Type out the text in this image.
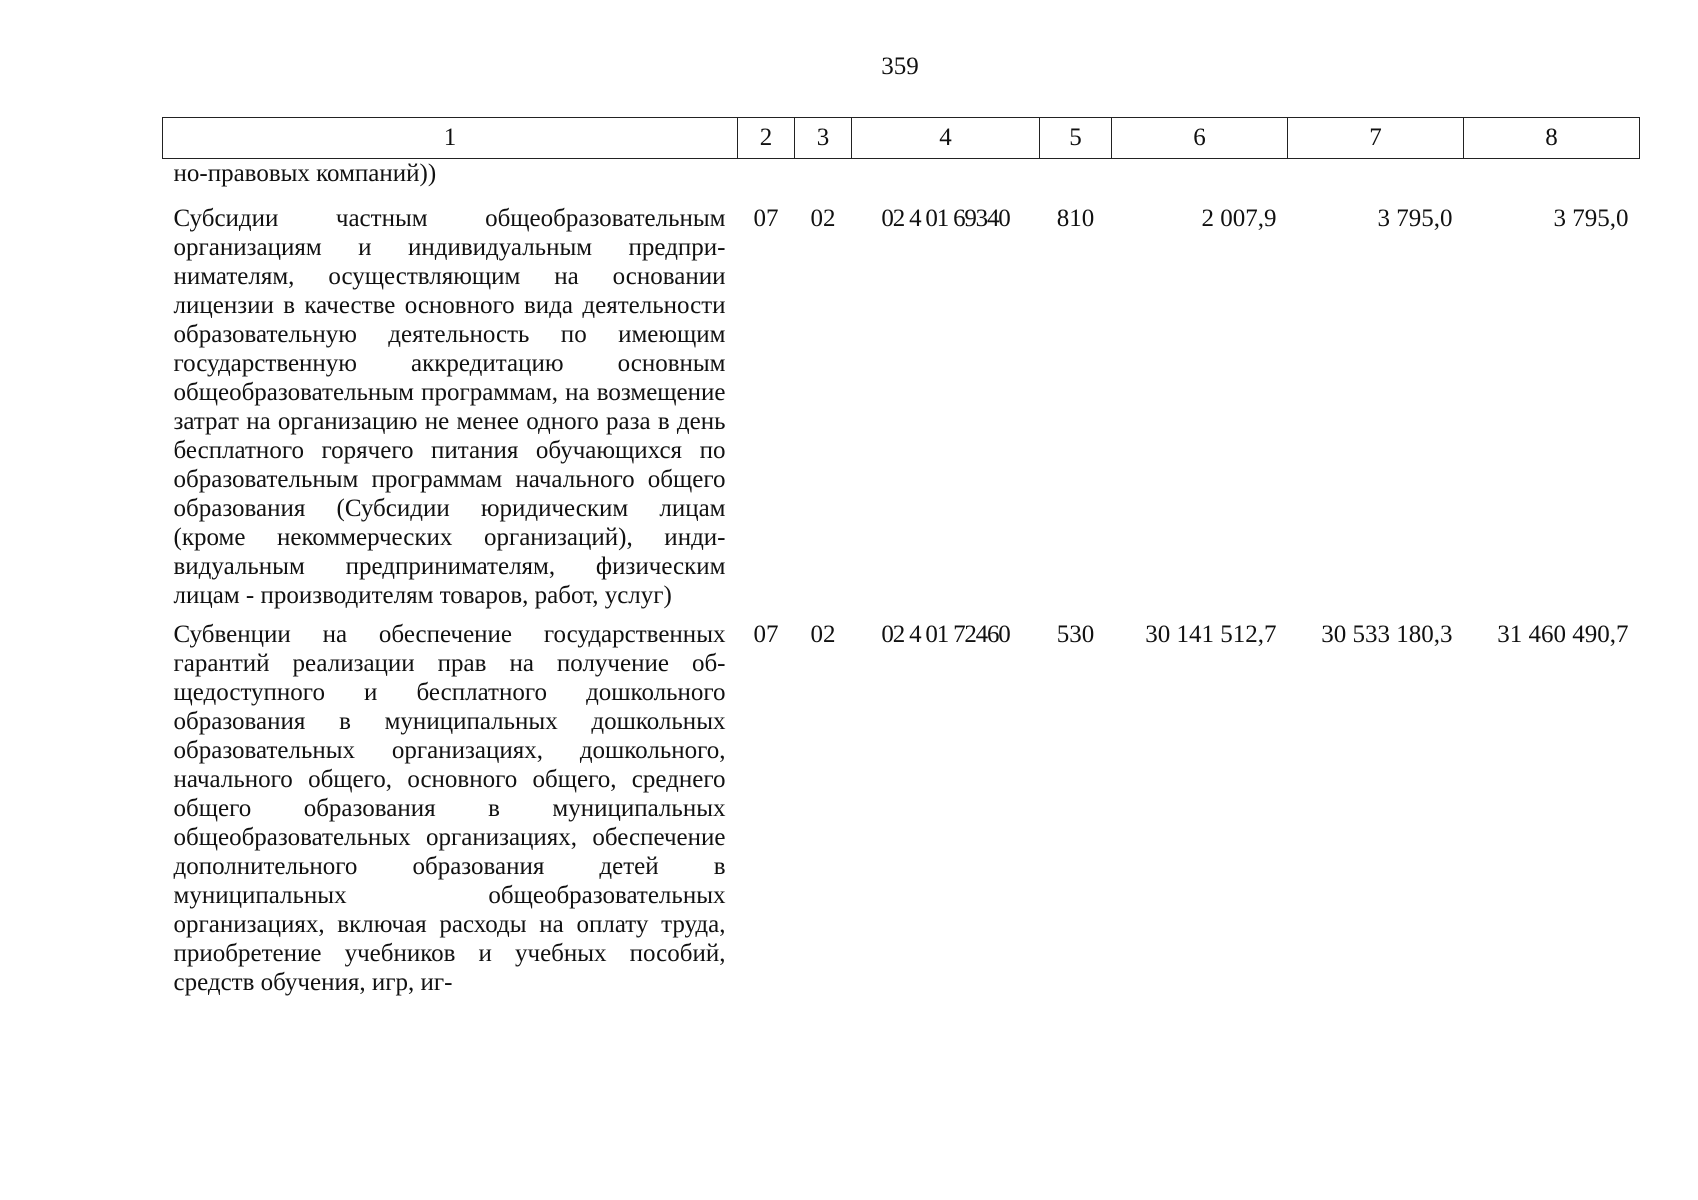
359
1	2	3	4	5	6	7	8
но-правовых компаний))							
Субсидии частным общеобразовательным организациям и индивидуальным предпринимателям, осуществляющим на основании лицензии в качестве основного вида деятельности образовательную деятельность по имеющим государственную аккредитацию основным общеобразовательным программам, на возмещение затрат на организацию не менее одного раза в день бесплатного горячего питания обучающихся по образовательным программам начального общего образования (Субсидии юридическим лицам (кроме некоммерческих организаций), индивидуальным предпринимателям, физическим лицам - производителям товаров, работ, услуг)	07	02	02 4 01 69340	810	2 007,9	3 795,0	3 795,0
Субвенции на обеспечение государственных гарантий реализации прав на получение общедоступного и бесплатного дошкольного образования в муниципальных дошкольных образовательных организациях, дошкольного, начального общего, основного общего, среднего общего образования в муниципальных общеобразовательных организациях, обеспечение дополнительного образования детей в муниципальных общеобразовательных организациях, включая расходы на оплату труда, приобретение учебников и учебных пособий, средств обучения, игр, иг-	07	02	02 4 01 72460	530	30 141 512,7	30 533 180,3	31 460 490,7
